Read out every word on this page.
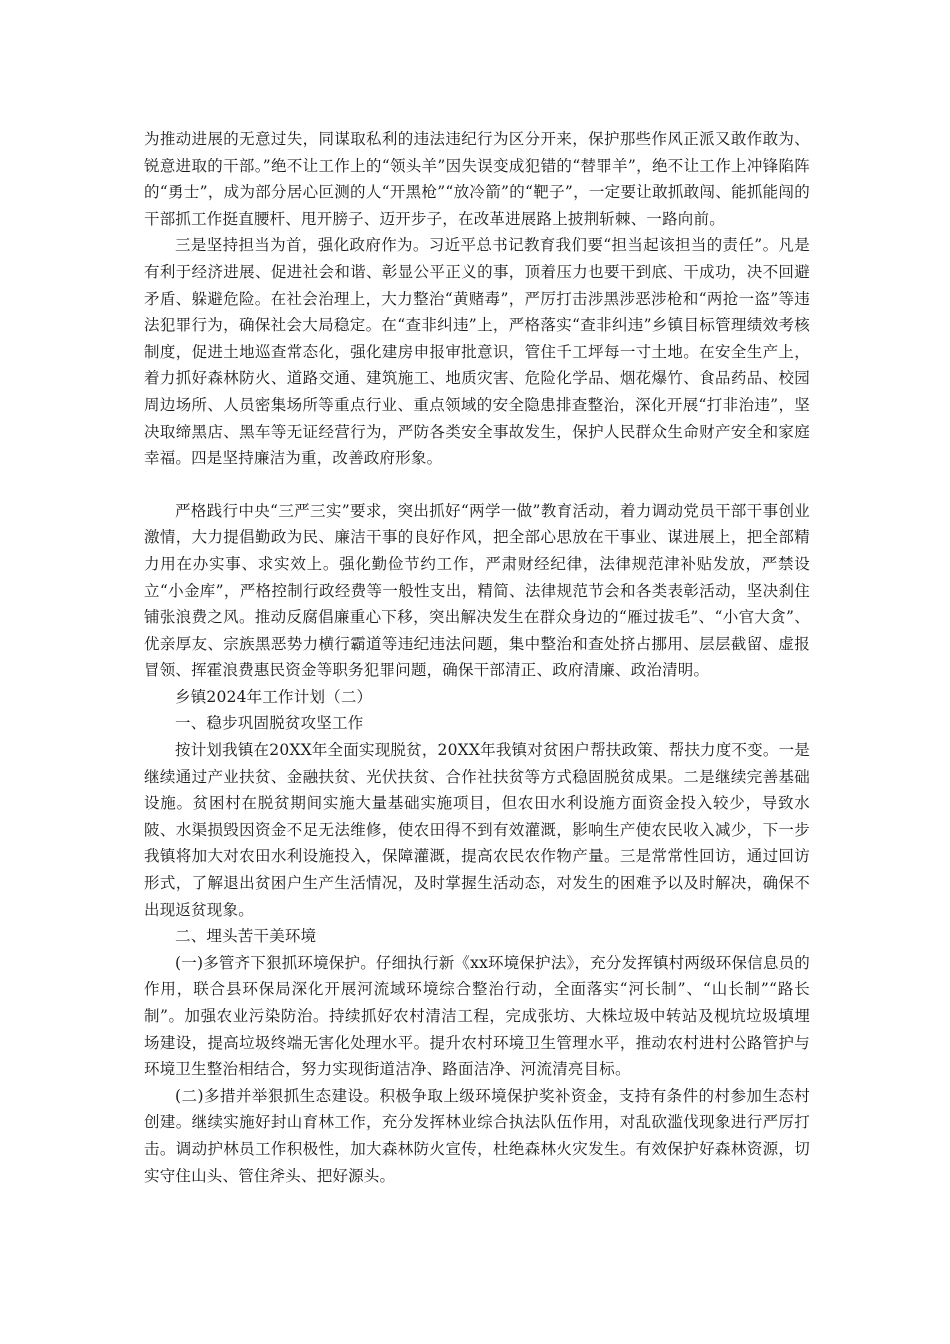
为推动进展的无意过失，同谋取私利的违法违纪行为区分开来，保护那些作风正派又敢作敢为、锐意进取的干部。”绝不让工作上的“领头羊”因失误变成犯错的“替罪羊”，绝不让工作上冲锋陷阵的“勇士”，成为部分居心叵测的人“开黑枪”“放冷箭”的“靶子”，一定要让敢抓敢闯、能抓能闯的干部抓工作挺直腰杆、甩开膀子、迈开步子，在改革进展路上披荆斩棘、一路向前。

三是坚持担当为首，强化政府作为。习近平总书记教育我们要“担当起该担当的责任”。凡是有利于经济进展、促进社会和谐、彰显公平正义的事，顶着压力也要干到底、干成功，决不回避矛盾、躲避危险。在社会治理上，大力整治“黄赌毒”，严厉打击涉黑涉恶涉枪和“两抢一盗”等违法犯罪行为，确保社会大局稳定。在“查非纠违”上，严格落实“查非纠违”乡镇目标管理绩效考核制度，促进土地巡查常态化，强化建房申报审批意识，管住千工坪每一寸土地。在安全生产上，着力抓好森林防火、道路交通、建筑施工、地质灾害、危险化学品、烟花爆竹、食品药品、校园周边场所、人员密集场所等重点行业、重点领域的安全隐患排查整治，深化开展“打非治违”，坚决取缔黑店、黑车等无证经营行为，严防各类安全事故发生，保护人民群众生命财产安全和家庭幸福。四是坚持廉洁为重，改善政府形象。

严格践行中央“三严三实”要求，突出抓好“两学一做”教育活动，着力调动党员干部干事创业激情，大力提倡勤政为民、廉洁干事的良好作风，把全部心思放在干事业、谋进展上，把全部精力用在办实事、求实效上。强化勤俭节约工作，严肃财经纪律，法律规范津补贴发放，严禁设立“小金库”，严格控制行政经费等一般性支出，精简、法律规范节会和各类表彰活动，坚决刹住铺张浪费之风。推动反腐倡廉重心下移，突出解决发生在群众身边的“雁过拔毛”、“小官大贪”、优亲厚友、宗族黑恶势力横行霸道等违纪违法问题，集中整治和查处挤占挪用、层层截留、虚报冒领、挥霍浪费惠民资金等职务犯罪问题，确保干部清正、政府清廉、政治清明。

乡镇2024年工作计划（二）

一、稳步巩固脱贫攻坚工作

按计划我镇在20XX年全面实现脱贫，20XX年我镇对贫困户帮扶政策、帮扶力度不变。一是继续通过产业扶贫、金融扶贫、光伏扶贫、合作社扶贫等方式稳固脱贫成果。二是继续完善基础设施。贫困村在脱贫期间实施大量基础实施项目，但农田水利设施方面资金投入较少，导致水陂、水渠损毁因资金不足无法维修，使农田得不到有效灌溉，影响生产使农民收入减少，下一步我镇将加大对农田水利设施投入，保障灌溉，提高农民农作物产量。三是常常性回访，通过回访形式，了解退出贫困户生产生活情况，及时掌握生活动态，对发生的困难予以及时解决，确保不出现返贫现象。

二、埋头苦干美环境

(一)多管齐下狠抓环境保护。仔细执行新《xx环境保护法》，充分发挥镇村两级环保信息员的作用，联合县环保局深化开展河流域环境综合整治行动，全面落实“河长制”、“山长制”“路长制”。加强农业污染防治。持续抓好农村清洁工程，完成张坊、大株垃圾中转站及枧坑垃圾填埋场建设，提高垃圾终端无害化处理水平。提升农村环境卫生管理水平，推动农村进村公路管护与环境卫生整治相结合，努力实现街道洁净、路面洁净、河流清亮目标。

(二)多措并举狠抓生态建设。积极争取上级环境保护奖补资金，支持有条件的村参加生态村创建。继续实施好封山育林工作，充分发挥林业综合执法队伍作用，对乱砍滥伐现象进行严厉打击。调动护林员工作积极性，加大森林防火宣传，杜绝森林火灾发生。有效保护好森林资源，切实守住山头、管住斧头、把好源头。
